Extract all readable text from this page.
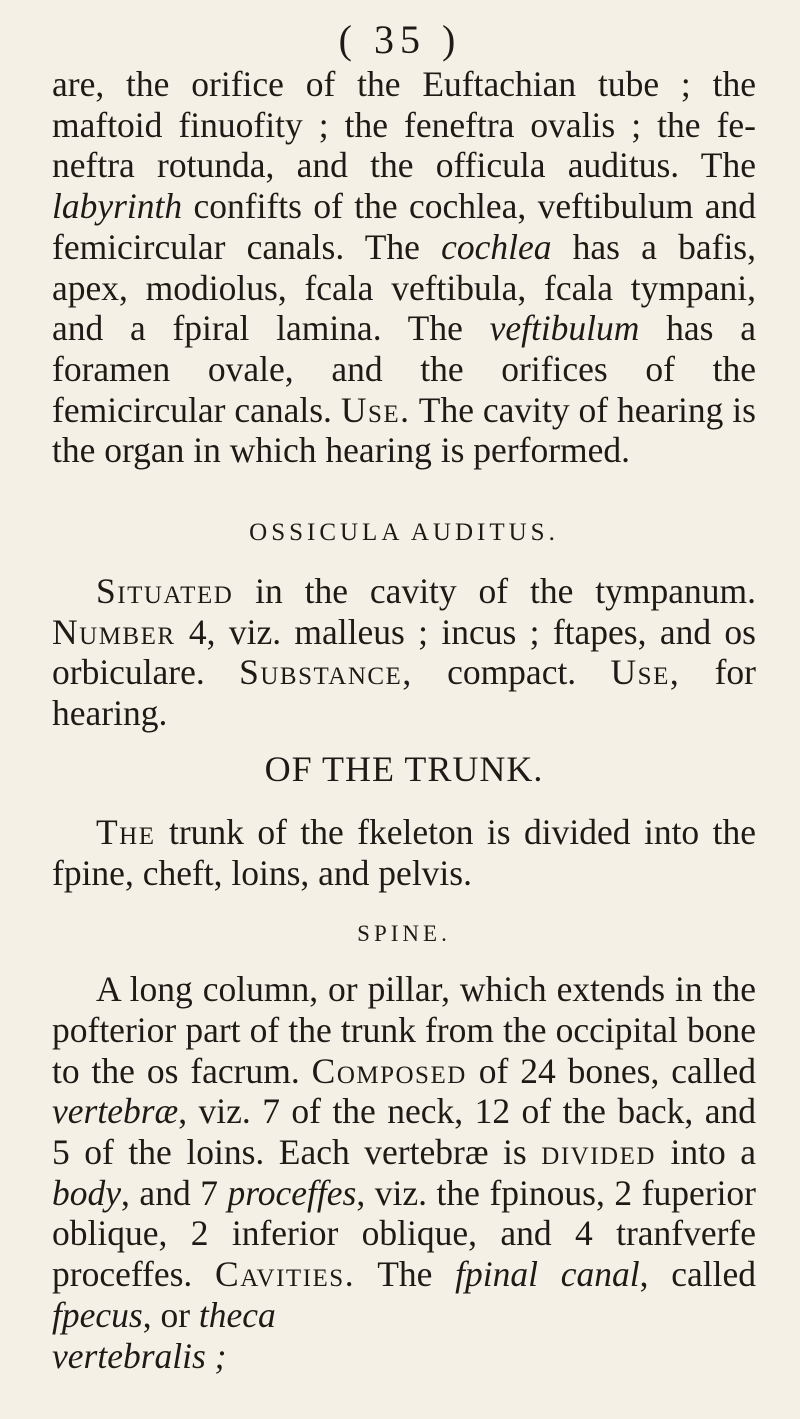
( 35 )

are, the orifice of the Euftachian tube ; the maftoid finuofity ; the feneftra ovalis ; the feneftra rotunda, and the officula auditus. The labyrinth confifts of the cochlea, veftibulum and femicircular canals. The cochlea has a bafis, apex, modiolus, fcala veftibula, fcala tympani, and a fpiral lamina. The veftibulum has a foramen ovale, and the orifices of the femicircular canals. Use. The cavity of hearing is the organ in which hearing is performed.

OSSICULA AUDITUS.

Situated in the cavity of the tympanum. Number 4, viz. malleus ; incus ; ftapes, and os orbiculare. Substance, compact. Use, for hearing.

OF THE TRUNK.

The trunk of the fkeleton is divided into the fpine, cheft, loins, and pelvis.

SPINE.

A long column, or pillar, which extends in the pofterior part of the trunk from the occipital bone to the os facrum. Composed of 24 bones, called vertebræ, viz. 7 of the neck, 12 of the back, and 5 of the loins. Each vertebræ is divided into a body, and 7 proceffes, viz. the fpinous, 2 fuperior oblique, 2 inferior oblique, and 4 tranfverfe proceffes. Cavities. The fpinal canal, called fpecus, or theca

vertebralis ;
